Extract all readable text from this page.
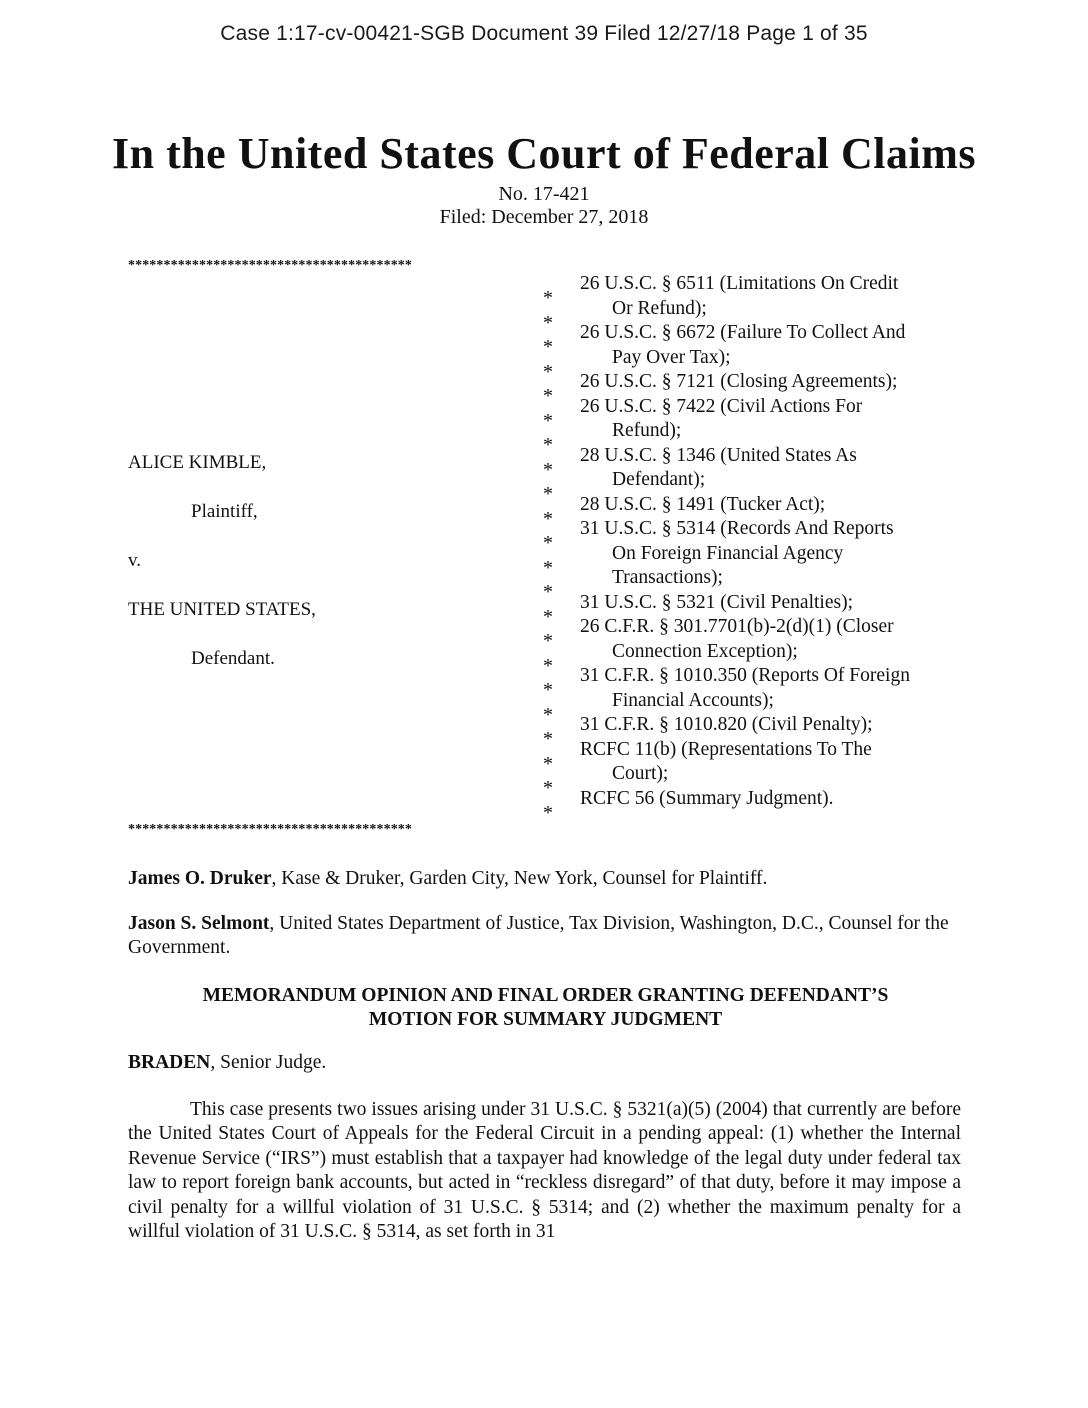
Case 1:17-cv-00421-SGB Document 39 Filed 12/27/18 Page 1 of 35
In the United States Court of Federal Claims
No. 17-421
Filed: December 27, 2018
****************************************
ALICE KIMBLE,
Plaintiff,
v.
THE UNITED STATES,
Defendant.
*
*
*
*
*
*
*
*
*
*
*
*
*
*
*
*
*
*
*
*
*
*
26 U.S.C. § 6511 (Limitations On Credit
Or Refund);
26 U.S.C. § 6672 (Failure To Collect And
Pay Over Tax);
26 U.S.C. § 7121 (Closing Agreements);
26 U.S.C. § 7422 (Civil Actions For
Refund);
28 U.S.C. § 1346 (United States As
Defendant);
28 U.S.C. § 1491 (Tucker Act);
31 U.S.C. § 5314 (Records And Reports
On Foreign Financial Agency
Transactions);
31 U.S.C. § 5321 (Civil Penalties);
26 C.F.R. § 301.7701(b)-2(d)(1) (Closer
Connection Exception);
31 C.F.R. § 1010.350 (Reports Of Foreign
Financial Accounts);
31 C.F.R. § 1010.820 (Civil Penalty);
RCFC 11(b) (Representations To The
Court);
RCFC 56 (Summary Judgment).
****************************************
James O. Druker, Kase & Druker, Garden City, New York, Counsel for Plaintiff.
Jason S. Selmont, United States Department of Justice, Tax Division, Washington, D.C., Counsel for the Government.
MEMORANDUM OPINION AND FINAL ORDER GRANTING DEFENDANT’S
MOTION FOR SUMMARY JUDGMENT
BRADEN, Senior Judge.
This case presents two issues arising under 31 U.S.C. § 5321(a)(5) (2004) that currently are before the United States Court of Appeals for the Federal Circuit in a pending appeal: (1) whether the Internal Revenue Service (“IRS”) must establish that a taxpayer had knowledge of the legal duty under federal tax law to report foreign bank accounts, but acted in “reckless disregard” of that duty, before it may impose a civil penalty for a willful violation of 31 U.S.C. § 5314; and (2) whether the maximum penalty for a willful violation of 31 U.S.C. § 5314, as set forth in 31
